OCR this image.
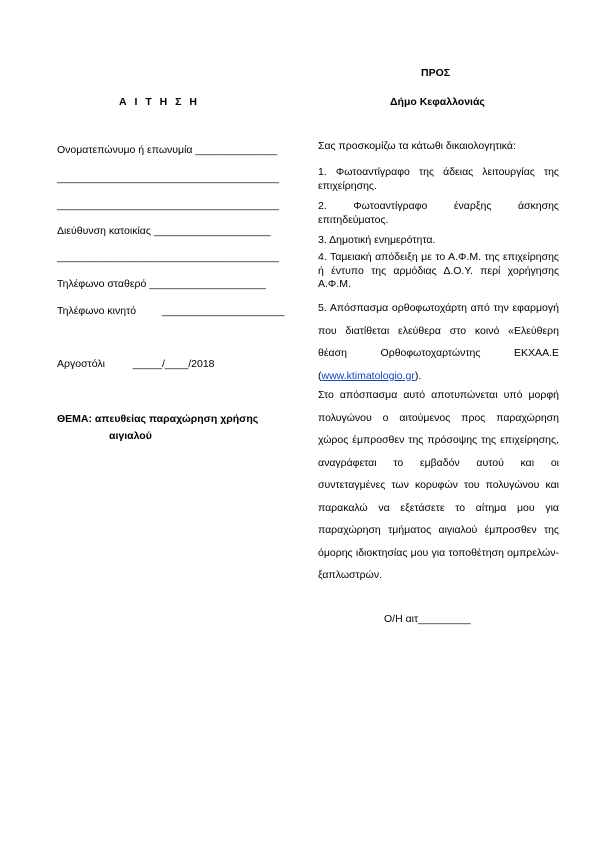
Α Ι Τ Η Σ Η
Ονοματεπώνυμο ή επωνυμία ______________
______________________________________
______________________________________
Διεύθυνση κατοικίας ____________________
______________________________________
Τηλέφωνο σταθερό ____________________
Τηλέφωνο κινητό _____________________
Αργοστόλι	_____/____/2018
ΘΕΜΑ: απευθείας παραχώρηση χρήσης
αιγιαλού
ΠΡΟΣ
Δήμο Κεφαλλονιάς
Σας προσκομίζω τα κάτωθι δικαιολογητικά:
1. Φωτοαντίγραφο της άδειας λειτουργίας της επιχείρησης.
2. Φωτοαντίγραφο έναρξης άσκησης επιτηδεύματος.
3. Δημοτική ενημερότητα.
4. Ταμειακή απόδειξη με το Α.Φ.Μ. της επιχείρησης ή έντυπο της αρμόδιας Δ.Ο.Υ. περί χορήγησης Α.Φ.Μ.
5. Απόσπασμα ορθοφωτοχάρτη από την εφαρμογή που διατίθεται ελεύθερα στο κοινό «Ελεύθερη θέαση Ορθοφωτοχαρτώντης ΕΚΧΑΑ.Ε (www.ktimatologio.gr).
Στο απόσπασμα αυτό αποτυπώνεται υπό μορφή πολυγώνου ο αιτούμενος προς παραχώρηση χώρος έμπροσθεν της πρόσοψης της επιχείρησης, αναγράφεται το εμβαδόν αυτού και οι συντεταγμένες των κορυφών του πολυγώνου και παρακαλώ να εξετάσετε το αίτημα μου για παραχώρηση τμήματος αιγιαλού έμπροσθεν της όμορης ιδιοκτησίας μου για τοποθέτηση ομπρελών-ξαπλωστρών.
Ο/Η αιτ_________
